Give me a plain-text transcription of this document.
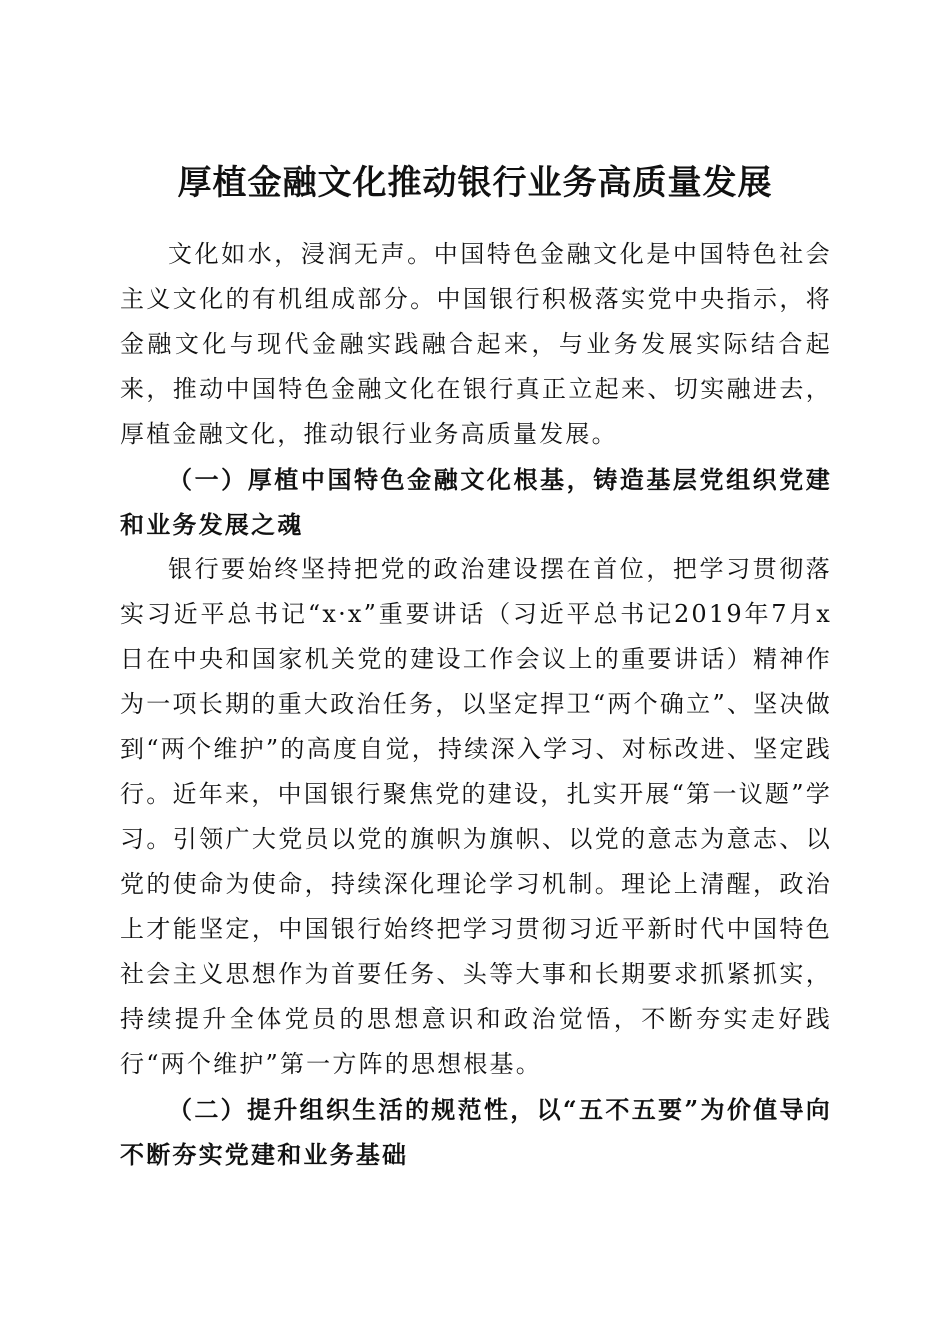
厚植金融文化推动银行业务高质量发展

文化如水，浸润无声。中国特色金融文化是中国特色社会主义文化的有机组成部分。中国银行积极落实党中央指示，将金融文化与现代金融实践融合起来，与业务发展实际结合起来，推动中国特色金融文化在银行真正立起来、切实融进去，厚植金融文化，推动银行业务高质量发展。

（一）厚植中国特色金融文化根基，铸造基层党组织党建和业务发展之魂

银行要始终坚持把党的政治建设摆在首位，把学习贯彻落实习近平总书记“x·x”重要讲话（习近平总书记2019年7月x日在中央和国家机关党的建设工作会议上的重要讲话）精神作为一项长期的重大政治任务，以坚定捍卫“两个确立”、坚决做到“两个维护”的高度自觉，持续深入学习、对标改进、坚定践行。近年来，中国银行聚焦党的建设，扎实开展“第一议题”学习。引领广大党员以党的旗帜为旗帜、以党的意志为意志、以党的使命为使命，持续深化理论学习机制。理论上清醒，政治上才能坚定，中国银行始终把学习贯彻习近平新时代中国特色社会主义思想作为首要任务、头等大事和长期要求抓紧抓实，持续提升全体党员的思想意识和政治觉悟，不断夯实走好践行“两个维护”第一方阵的思想根基。

（二）提升组织生活的规范性，以“五不五要”为价值导向不断夯实党建和业务基础
